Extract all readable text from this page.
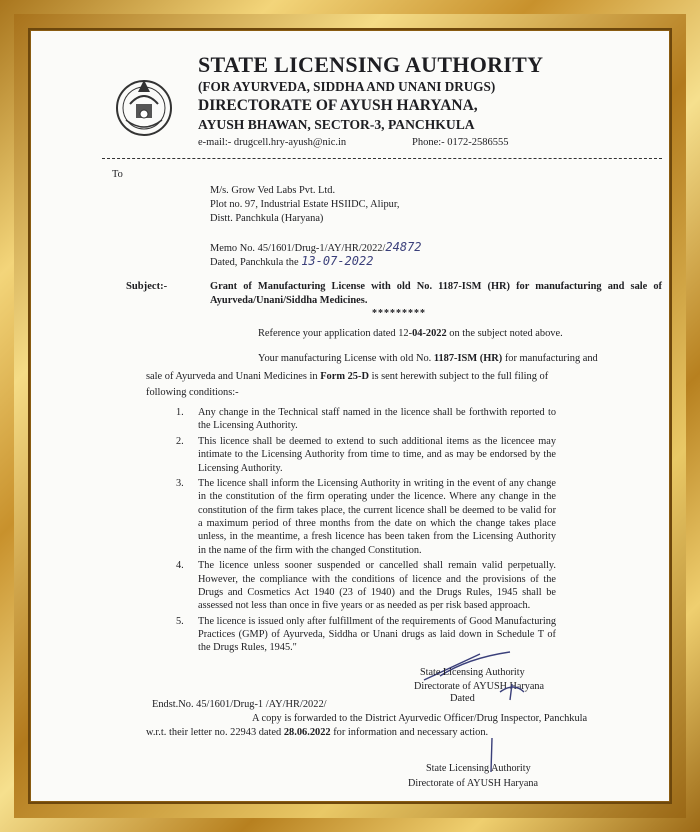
STATE LICENSING AUTHORITY
(FOR AYURVEDA, SIDDHA AND UNANI DRUGS)
DIRECTORATE OF AYUSH HARYANA,
AYUSH BHAWAN, SECTOR-3, PANCHKULA
e-mail:- drugcell.hry-ayush@nic.in	Phone:- 0172-2586555
To
M/s. Grow Ved Labs Pvt. Ltd.
Plot no. 97, Industrial Estate HSIIDC, Alipur,
Distt. Panchkula (Haryana)
Memo No. 45/1601/Drug-1/AY/HR/2022/24872
Dated, Panchkula the 13-07-2022
Subject:-	Grant of Manufacturing License with old No. 1187-ISM (HR) for manufacturing and sale of Ayurveda/Unani/Siddha Medicines.
*********
Reference your application dated 12-04-2022 on the subject noted above.
Your manufacturing License with old No. 1187-ISM (HR) for manufacturing and
sale of Ayurveda and Unani Medicines in Form 25-D is sent herewith subject to the full filing of
following conditions:-
1. Any change in the Technical staff named in the licence shall be forthwith reported to the Licensing Authority.
2. This licence shall be deemed to extend to such additional items as the licencee may intimate to the Licensing Authority from time to time, and as may be endorsed by the Licensing Authority.
3. The licence shall inform the Licensing Authority in writing in the event of any change in the constitution of the firm operating under the licence. Where any change in the constitution of the firm takes place, the current licence shall be deemed to be valid for a maximum period of three months from the date on which the change takes place unless, in the meantime, a fresh licence has been taken from the Licensing Authority in the name of the firm with the changed Constitution.
4. The licence unless sooner suspended or cancelled shall remain valid perpetually. However, the compliance with the conditions of licence and the provisions of the Drugs and Cosmetics Act 1940 (23 of 1940) and the Drugs Rules, 1945 shall be assessed not less than once in five years or as needed as per risk based approach.
5. The licence is issued only after fulfillment of the requirements of Good Manufacturing Practices (GMP) of Ayurveda, Siddha or Unani drugs as laid down in Schedule T of the Drugs Rules, 1945."
State Licensing Authority
Directorate of AYUSH Haryana
Endst.No. 45/1601/Drug-1 /AY/HR/2022/
Dated
A copy is forwarded to the District Ayurvedic Officer/Drug Inspector, Panchkula
w.r.t. their letter no. 22943 dated 28.06.2022 for information and necessary action.
State Licensing Authority
Directorate of AYUSH Haryana
